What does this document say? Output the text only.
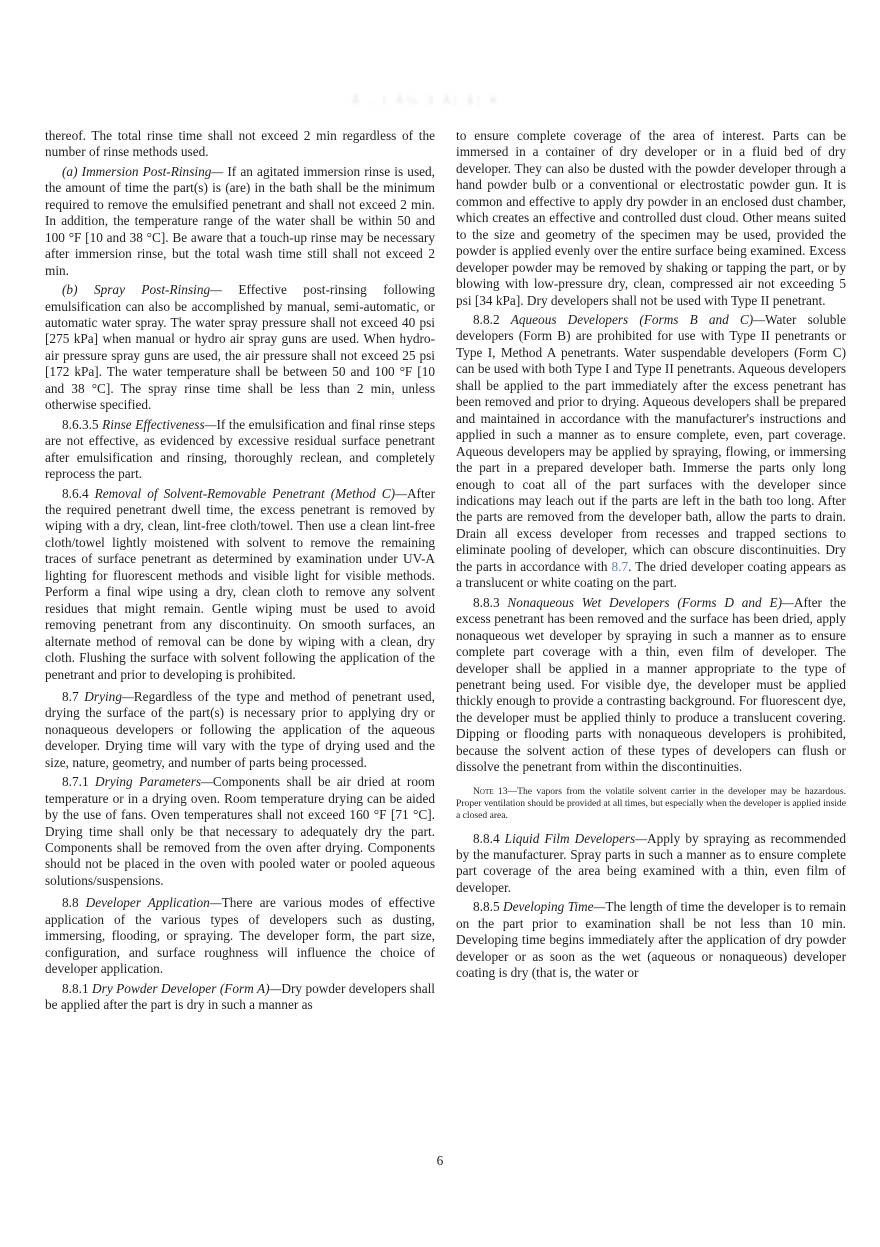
Å . ) Ã¼ 3 Ã¦ å¦ ¥

thereof. The total rinse time shall not exceed 2 min regardless of the number of rinse methods used.

(a) Immersion Post-Rinsing— If an agitated immersion rinse is used, the amount of time the part(s) is (are) in the bath shall be the minimum required to remove the emulsified penetrant and shall not exceed 2 min. In addition, the temperature range of the water shall be within 50 and 100 °F [10 and 38 °C]. Be aware that a touch-up rinse may be necessary after immersion rinse, but the total wash time still shall not exceed 2 min.

(b) Spray Post-Rinsing— Effective post-rinsing following emulsification can also be accomplished by manual, semi-automatic, or automatic water spray. The water spray pressure shall not exceed 40 psi [275 kPa] when manual or hydro air spray guns are used. When hydro-air pressure spray guns are used, the air pressure shall not exceed 25 psi [172 kPa]. The water temperature shall be between 50 and 100 °F [10 and 38 °C]. The spray rinse time shall be less than 2 min, unless otherwise specified.

8.6.3.5 Rinse Effectiveness—If the emulsification and final rinse steps are not effective, as evidenced by excessive residual surface penetrant after emulsification and rinsing, thoroughly reclean, and completely reprocess the part.

8.6.4 Removal of Solvent-Removable Penetrant (Method C)—After the required penetrant dwell time, the excess penetrant is removed by wiping with a dry, clean, lint-free cloth/towel. Then use a clean lint-free cloth/towel lightly moistened with solvent to remove the remaining traces of surface penetrant as determined by examination under UV-A lighting for fluorescent methods and visible light for visible methods. Perform a final wipe using a dry, clean cloth to remove any solvent residues that might remain. Gentle wiping must be used to avoid removing penetrant from any discontinuity. On smooth surfaces, an alternate method of removal can be done by wiping with a clean, dry cloth. Flushing the surface with solvent following the application of the penetrant and prior to developing is prohibited.

8.7 Drying—Regardless of the type and method of penetrant used, drying the surface of the part(s) is necessary prior to applying dry or nonaqueous developers or following the application of the aqueous developer. Drying time will vary with the type of drying used and the size, nature, geometry, and number of parts being processed.

8.7.1 Drying Parameters—Components shall be air dried at room temperature or in a drying oven. Room temperature drying can be aided by the use of fans. Oven temperatures shall not exceed 160 °F [71 °C]. Drying time shall only be that necessary to adequately dry the part. Components shall be removed from the oven after drying. Components should not be placed in the oven with pooled water or pooled aqueous solutions/suspensions.

8.8 Developer Application—There are various modes of effective application of the various types of developers such as dusting, immersing, flooding, or spraying. The developer form, the part size, configuration, and surface roughness will influence the choice of developer application.

8.8.1 Dry Powder Developer (Form A)—Dry powder developers shall be applied after the part is dry in such a manner as

to ensure complete coverage of the area of interest. Parts can be immersed in a container of dry developer or in a fluid bed of dry developer. They can also be dusted with the powder developer through a hand powder bulb or a conventional or electrostatic powder gun. It is common and effective to apply dry powder in an enclosed dust chamber, which creates an effective and controlled dust cloud. Other means suited to the size and geometry of the specimen may be used, provided the powder is applied evenly over the entire surface being examined. Excess developer powder may be removed by shaking or tapping the part, or by blowing with low-pressure dry, clean, compressed air not exceeding 5 psi [34 kPa]. Dry developers shall not be used with Type II penetrant.

8.8.2 Aqueous Developers (Forms B and C)—Water soluble developers (Form B) are prohibited for use with Type II penetrants or Type I, Method A penetrants. Water suspendable developers (Form C) can be used with both Type I and Type II penetrants. Aqueous developers shall be applied to the part immediately after the excess penetrant has been removed and prior to drying. Aqueous developers shall be prepared and maintained in accordance with the manufacturer's instructions and applied in such a manner as to ensure complete, even, part coverage. Aqueous developers may be applied by spraying, flowing, or immersing the part in a prepared developer bath. Immerse the parts only long enough to coat all of the part surfaces with the developer since indications may leach out if the parts are left in the bath too long. After the parts are removed from the developer bath, allow the parts to drain. Drain all excess developer from recesses and trapped sections to eliminate pooling of developer, which can obscure discontinuities. Dry the parts in accordance with 8.7. The dried developer coating appears as a translucent or white coating on the part.

8.8.3 Nonaqueous Wet Developers (Forms D and E)—After the excess penetrant has been removed and the surface has been dried, apply nonaqueous wet developer by spraying in such a manner as to ensure complete part coverage with a thin, even film of developer. The developer shall be applied in a manner appropriate to the type of penetrant being used. For visible dye, the developer must be applied thickly enough to provide a contrasting background. For fluorescent dye, the developer must be applied thinly to produce a translucent covering. Dipping or flooding parts with nonaqueous developers is prohibited, because the solvent action of these types of developers can flush or dissolve the penetrant from within the discontinuities.

Note 13—The vapors from the volatile solvent carrier in the developer may be hazardous. Proper ventilation should be provided at all times, but especially when the developer is applied inside a closed area.

8.8.4 Liquid Film Developers—Apply by spraying as recommended by the manufacturer. Spray parts in such a manner as to ensure complete part coverage of the area being examined with a thin, even film of developer.

8.8.5 Developing Time—The length of time the developer is to remain on the part prior to examination shall be not less than 10 min. Developing time begins immediately after the application of dry powder developer or as soon as the wet (aqueous or nonaqueous) developer coating is dry (that is, the water or

6
